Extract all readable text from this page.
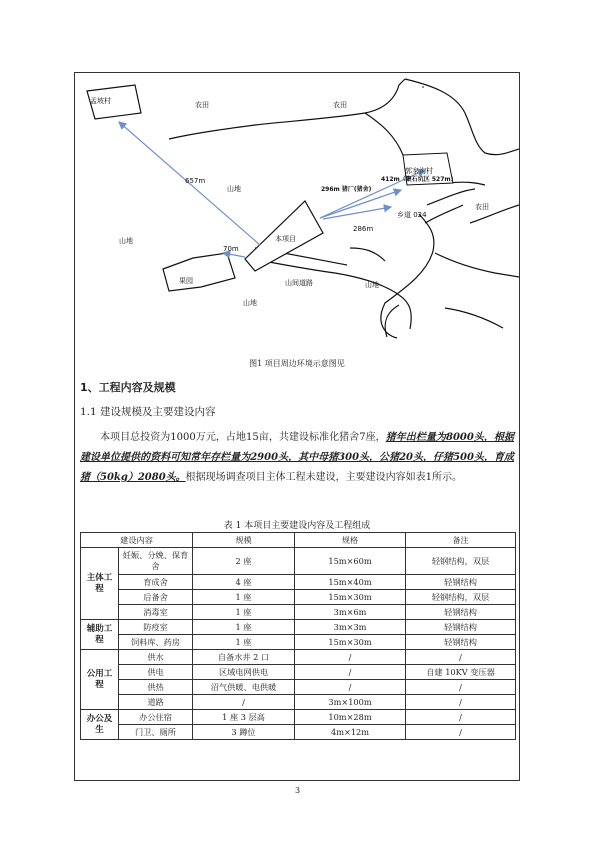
孟坡村	农田	农田
农田
郭家沟村
412m（聚石坑区 527m）
296m 猪厂(猪舍)
657m
286m
70m
山地
山地
山地
山地
乡道 024
山间道路
本项目
果园
图1 项目周边环境示意图见
1、工程内容及规模
1.1 建设规模及主要建设内容

本项目总投资为1000万元，占地15亩，共建设标准化猪舍7座，猪年出栏量为8000头，根据建设单位提供的资料可知常年存栏量为2900头，其中母猪300头，公猪20头，仔猪500头，育成猪（50kg）2080头。根据现场调查项目主体工程未建设，主要建设内容如表1所示。

表 1 本项目主要建设内容及工程组成
建设内容		规模	规格	备注
主体工程	妊娠、分娩、保育舍	2 座	15m×60m	轻钢结构，双层
	育成舍	4 座	15m×40m	轻钢结构
	后备舍	1 座	15m×30m	轻钢结构，双层
	消毒室	1 座	3m×6m	轻钢结构
辅助工程	防疫室	1 座	3m×3m	轻钢结构
	饲料库、药房	1 座	15m×30m	轻钢结构
公用工程	供水	自备水井 2 口	/	/
	供电	区域电网供电	/	自建 10KV 变压器
	供热	沼气供暖、电供暖	/	/
	道路	/	3m×100m	/
办公及生	办公住宿	1 座 3 层高	10m×28m	/
	门卫、厕所	3 蹲位	4m×12m	/
3
